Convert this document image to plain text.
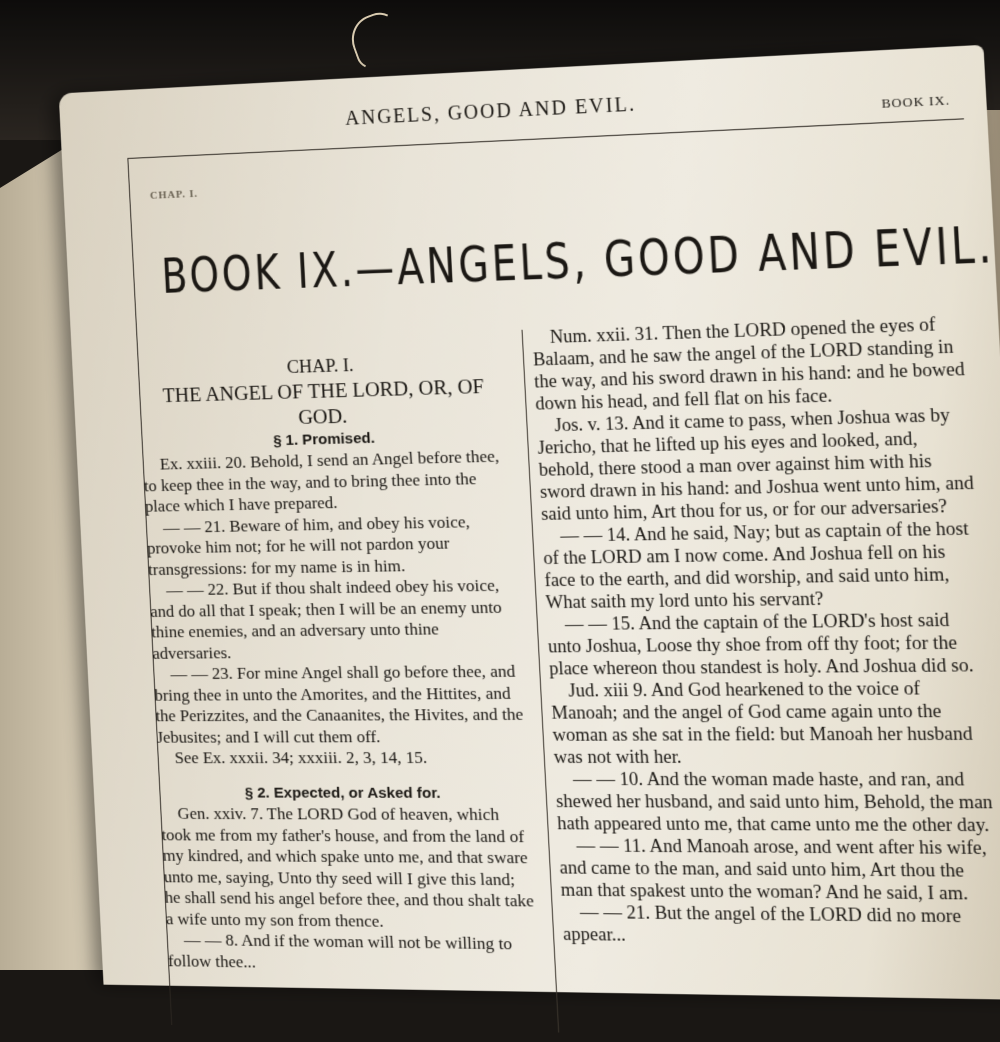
ANGELS, GOOD AND EVIL.	BOOK IX.
CHAP. I.
BOOK IX.—ANGELS, GOOD AND EVIL.

CHAP. I.

THE ANGEL OF THE LORD, OR, OF GOD.

§ 1. Promised.

Ex. xxiii. 20. Behold, I send an Angel before thee, to keep thee in the way, and to bring thee into the place which I have prepared.

— — 21. Beware of him, and obey his voice, provoke him not; for he will not pardon your transgressions: for my name is in him.

— — 22. But if thou shalt indeed obey his voice, and do all that I speak; then I will be an enemy unto thine enemies, and an adversary unto thine adversaries.

— — 23. For mine Angel shall go before thee, and bring thee in unto the Amorites, and the Hittites, and the Perizzites, and the Canaanites, the Hivites, and the Jebusites; and I will cut them off.

See Ex. xxxii. 34; xxxiii. 2, 3, 14, 15.

§ 2. Expected, or Asked for.

Gen. xxiv. 7. The LORD God of heaven, which took me from my father's house, and from the land of my kindred, and which spake unto me, and that sware unto me, saying, Unto thy seed will I give this land; he shall send his angel before thee, and thou shalt take a wife unto my son from thence.

— — 8. And if the woman will not be willing to follow thee...

Num. xxii. 31. Then the LORD opened the eyes of Balaam, and he saw the angel of the LORD standing in the way, and his sword drawn in his hand: and he bowed down his head, and fell flat on his face.

Jos. v. 13. And it came to pass, when Joshua was by Jericho, that he lifted up his eyes and looked, and, behold, there stood a man over against him with his sword drawn in his hand: and Joshua went unto him, and said unto him, Art thou for us, or for our adversaries?

— — 14. And he said, Nay; but as captain of the host of the LORD am I now come. And Joshua fell on his face to the earth, and did worship, and said unto him, What saith my lord unto his servant?

— — 15. And the captain of the LORD's host said unto Joshua, Loose thy shoe from off thy foot; for the place whereon thou standest is holy. And Joshua did so.

Jud. xiii 9. And God hearkened to the voice of Manoah; and the angel of God came again unto the woman as she sat in the field: but Manoah her husband was not with her.

— — 10. And the woman made haste, and ran, and shewed her husband, and said unto him, Behold, the man hath appeared unto me, that came unto me the other day.

— — 11. And Manoah arose, and went after his wife, and came to the man, and said unto him, Art thou the man that spakest unto the woman? And he said, I am.

— — 21. But the angel of the LORD did no more appear...
